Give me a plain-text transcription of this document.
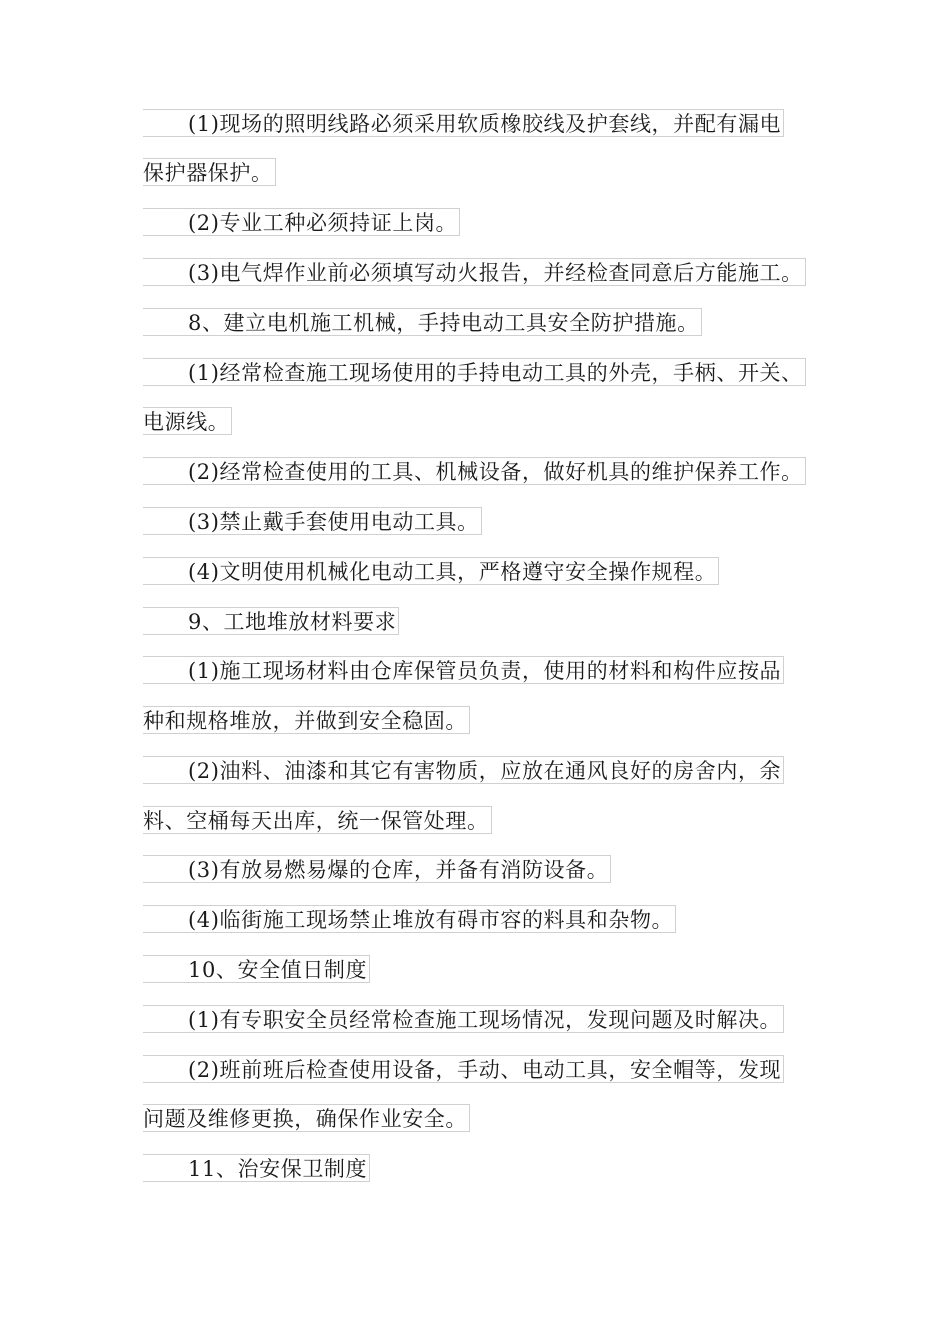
(1)现场的照明线路必须采用软质橡胶线及护套线，并配有漏电
保护器保护。
(2)专业工种必须持证上岗。
(3)电气焊作业前必须填写动火报告，并经检查同意后方能施工。
8、建立电机施工机械，手持电动工具安全防护措施。
(1)经常检查施工现场使用的手持电动工具的外壳，手柄、开关、
电源线。
(2)经常检查使用的工具、机械设备，做好机具的维护保养工作。
(3)禁止戴手套使用电动工具。
(4)文明使用机械化电动工具，严格遵守安全操作规程。
9、工地堆放材料要求
(1)施工现场材料由仓库保管员负责，使用的材料和构件应按品
种和规格堆放，并做到安全稳固。
(2)油料、油漆和其它有害物质，应放在通风良好的房舍内，余
料、空桶每天出库，统一保管处理。
(3)有放易燃易爆的仓库，并备有消防设备。
(4)临街施工现场禁止堆放有碍市容的料具和杂物。
10、安全值日制度
(1)有专职安全员经常检查施工现场情况，发现问题及时解决。
(2)班前班后检查使用设备，手动、电动工具，安全帽等，发现
问题及维修更换，确保作业安全。
11、治安保卫制度
